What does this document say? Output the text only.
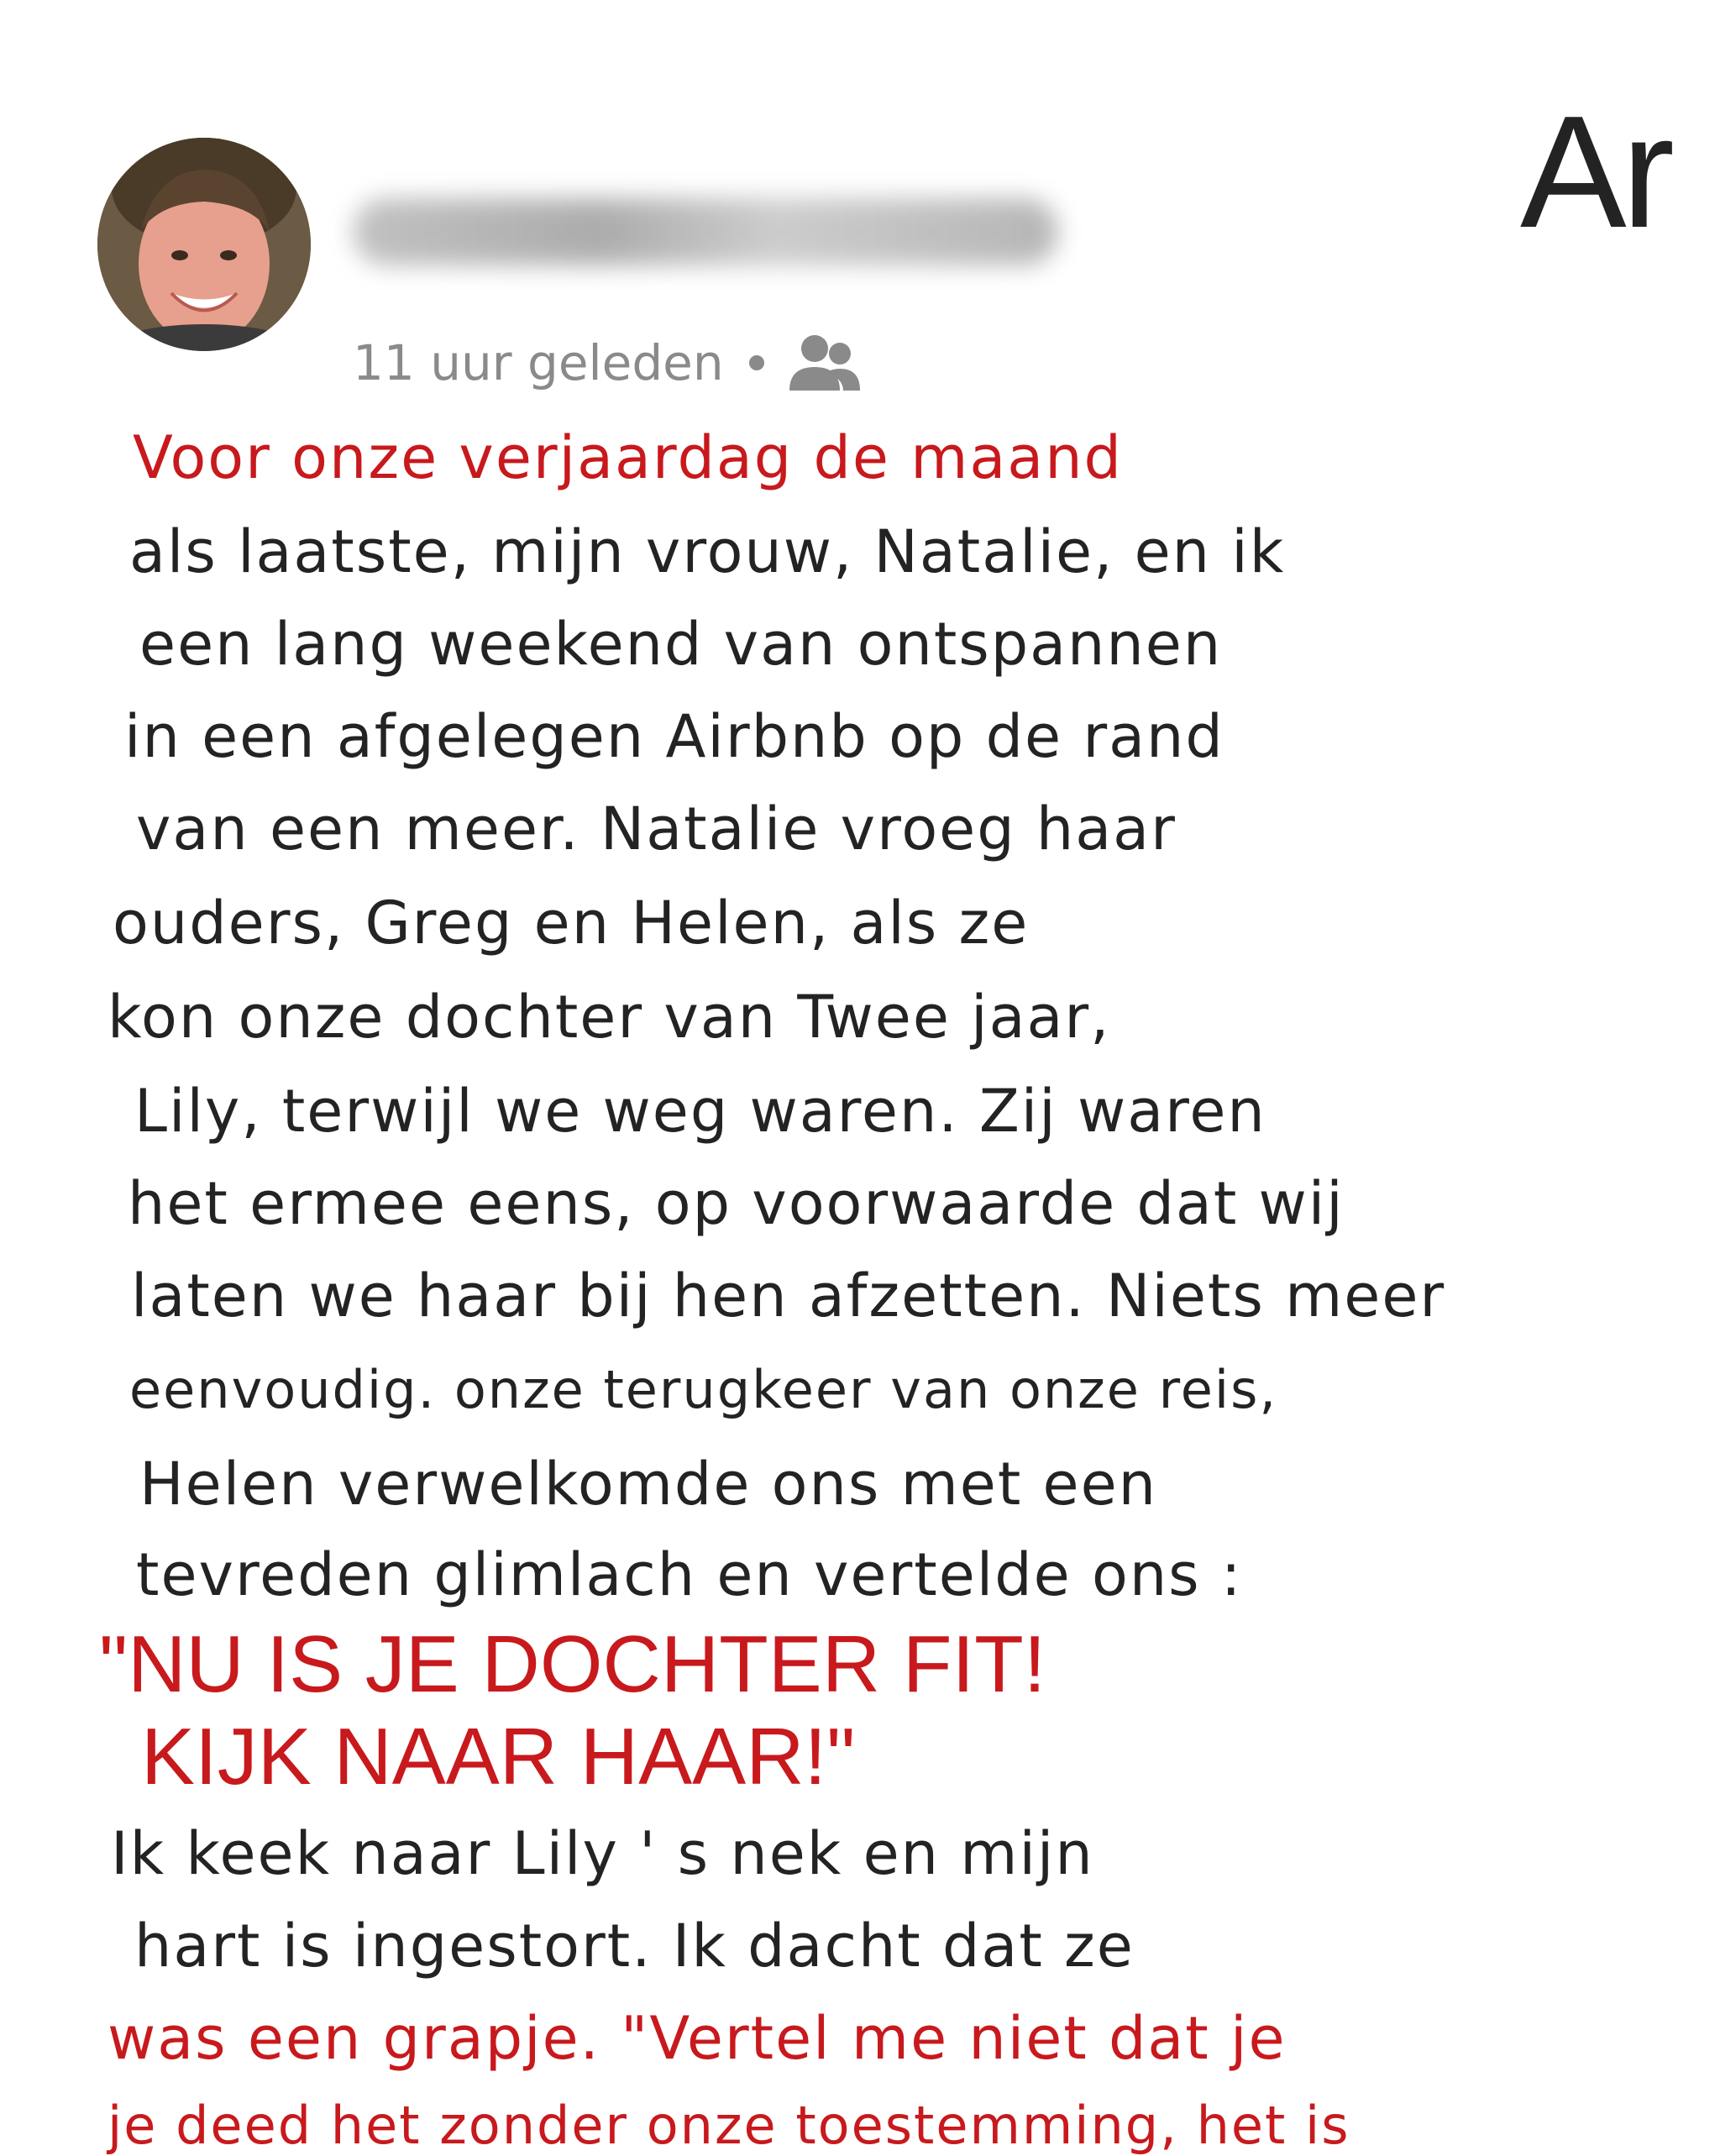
Ar
11 uur geleden
Voor onze verjaardag de maand
als laatste, mijn vrouw, Natalie, en ik
een lang weekend van ontspannen
in een afgelegen Airbnb op de rand
van een meer. Natalie vroeg haar
ouders, Greg en Helen, als ze
kon onze dochter van Twee jaar,
Lily, terwijl we weg waren. Zij waren
het ermee eens, op voorwaarde dat wij
laten we haar bij hen afzetten. Niets meer
eenvoudig. onze terugkeer van onze reis,
Helen verwelkomde ons met een
tevreden glimlach en vertelde ons :
"NU IS JE DOCHTER FIT!
KIJK NAAR HAAR!"
Ik keek naar Lily ' s nek en mijn
hart is ingestort. Ik dacht dat ze
was een grapje. "Vertel me niet dat je
je deed het zonder onze toestemming, het is
